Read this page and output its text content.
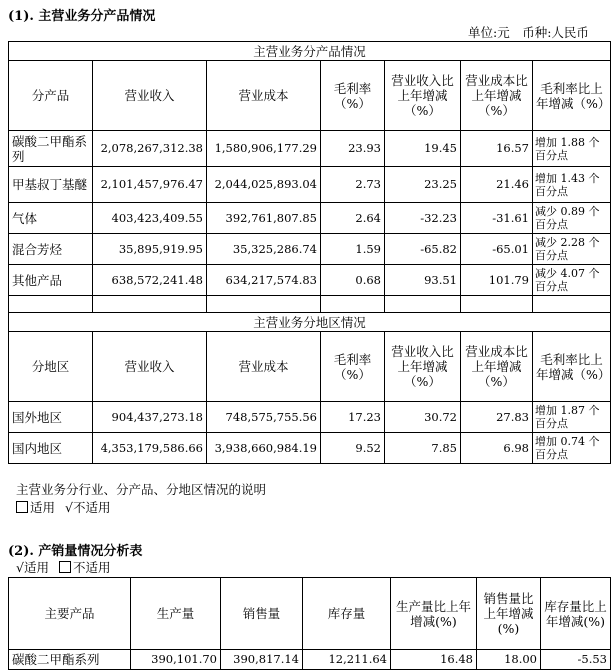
(1). 主营业务分产品情况
单位:元　币种:人民币
主营业务分产品情况						
分产品	营业收入	营业成本	毛利率（%）	营业收入比上年增减（%）	营业成本比上年增减（%）	毛利率比上年增减（%）
碳酸二甲酯系列	2,078,267,312.38	1,580,906,177.29	23.93	19.45	16.57	增加 1.88 个百分点
甲基叔丁基醚	2,101,457,976.47	2,044,025,893.04	2.73	23.25	21.46	增加 1.43 个百分点
气体	403,423,409.55	392,761,807.85	2.64	-32.23	-31.61	减少 0.89 个百分点
混合芳烃	35,895,919.95	35,325,286.74	1.59	-65.82	-65.01	减少 2.28 个百分点
其他产品	638,572,241.48	634,217,574.83	0.68	93.51	101.79	减少 4.07 个百分点

主营业务分地区情况						
分地区	营业收入	营业成本	毛利率（%）	营业收入比上年增减（%）	营业成本比上年增减（%）	毛利率比上年增减（%）
国外地区	904,437,273.18	748,575,755.56	17.23	30.72	27.83	增加 1.87 个百分点
国内地区	4,353,179,586.66	3,938,660,984.19	9.52	7.85	6.98	增加 0.74 个百分点
主营业务分行业、分产品、分地区情况的说明
适用 √不适用
(2). 产销量情况分析表
√适用 不适用
主要产品	生产量	销售量	库存量	生产量比上年增减(%)	销售量比上年增减(%)	库存量比上年增减(%)
碳酸二甲酯系列	390,101.70	390,817.14	12,211.64	16.48	18.00	-5.53
